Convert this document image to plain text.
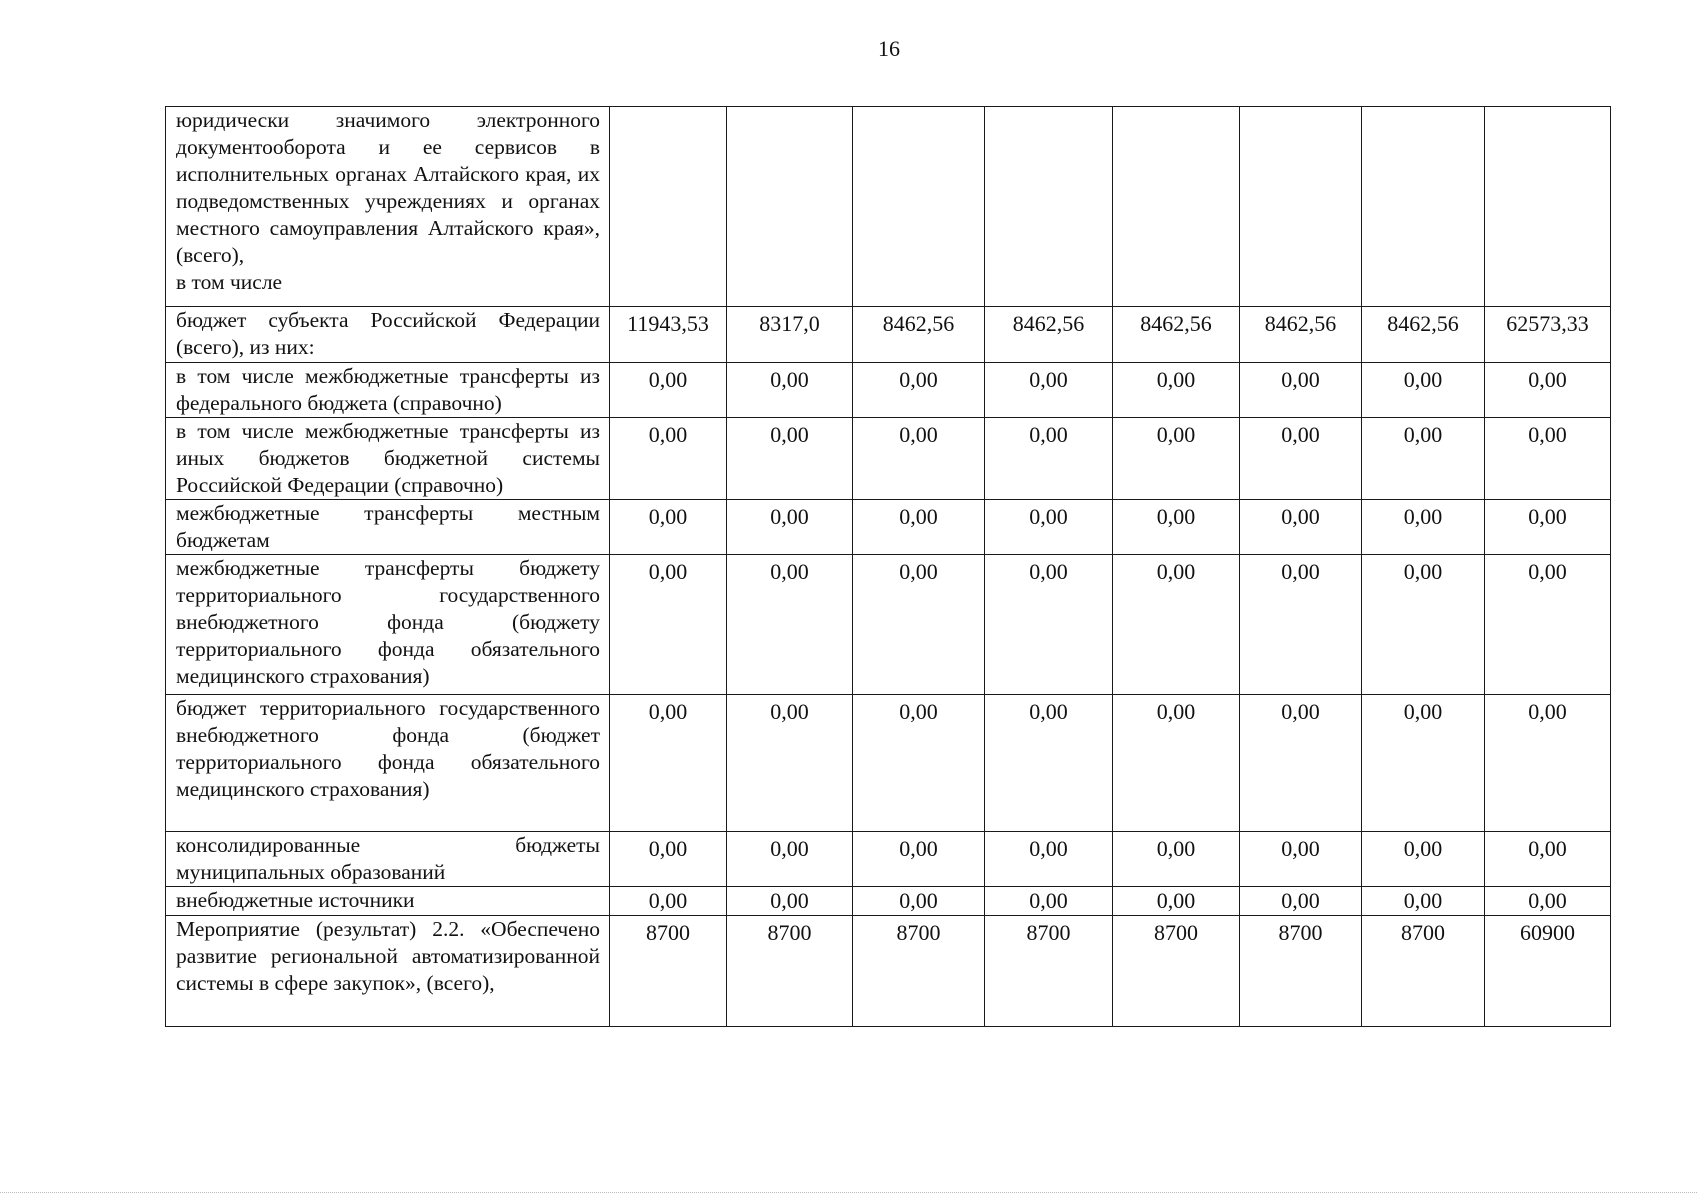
16
юридически значимого электронного документооборота и ее сервисов в исполнительных органах Алтайского края, их подведомственных учреждениях и органах местного самоуправления Алтайского края», (всего),
в том числе								

бюджет субъекта Российской Федерации (всего), из них:	11943,53	8317,0	8462,56	8462,56	8462,56	8462,56	8462,56	62573,33
в том числе межбюджетные трансферты из федерального бюджета (справочно)	0,00	0,00	0,00	0,00	0,00	0,00	0,00	0,00
в том числе межбюджетные трансферты из иных бюджетов бюджетной системы Российской Федерации (справочно)	0,00	0,00	0,00	0,00	0,00	0,00	0,00	0,00
межбюджетные трансферты местным бюджетам	0,00	0,00	0,00	0,00	0,00	0,00	0,00	0,00
межбюджетные трансферты бюджету территориального государственного внебюджетного фонда (бюджету территориального фонда обязательного медицинского страхования)	0,00	0,00	0,00	0,00	0,00	0,00	0,00	0,00
бюджет территориального государственного внебюджетного фонда (бюджет территориального фонда обязательного медицинского страхования)	0,00	0,00	0,00	0,00	0,00	0,00	0,00	0,00
консолидированные бюджеты муниципальных образований	0,00	0,00	0,00	0,00	0,00	0,00	0,00	0,00
внебюджетные источники	0,00	0,00	0,00	0,00	0,00	0,00	0,00	0,00
Мероприятие (результат) 2.2. «Обеспечено развитие региональной автоматизированной системы в сфере закупок», (всего),	8700	8700	8700	8700	8700	8700	8700	60900
